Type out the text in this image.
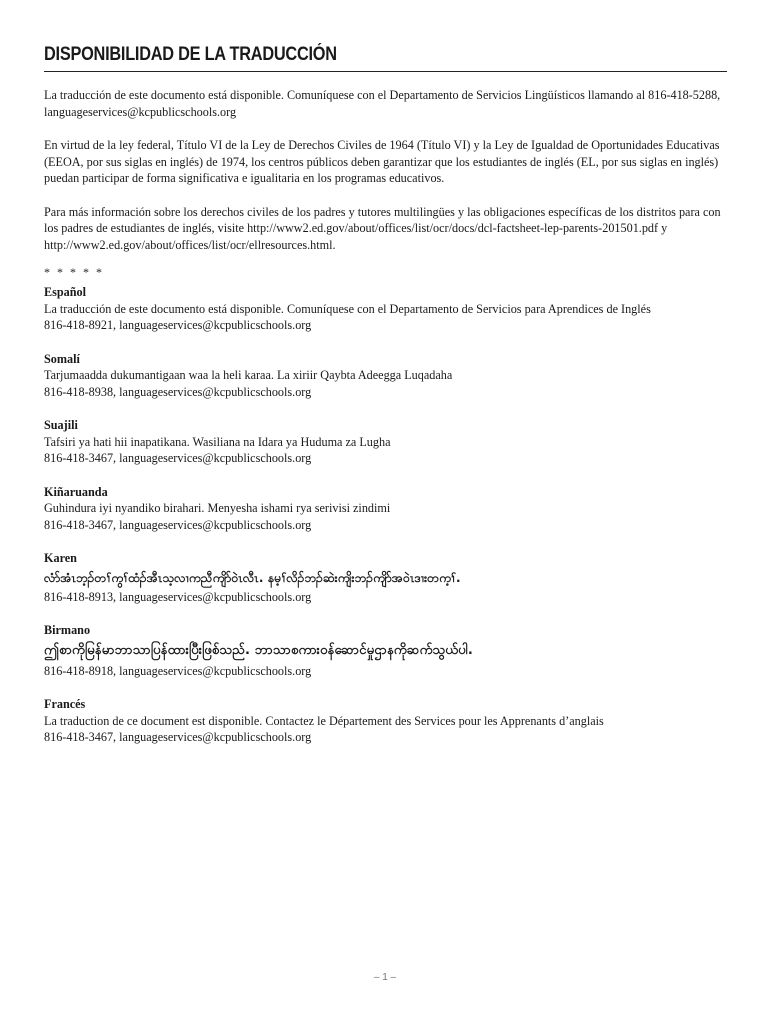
DISPONIBILIDAD DE LA TRADUCCIÓN

La traducción de este documento está disponible. Comuníquese con el Departamento de Servicios Lingüísticos llamando al 816-418-5288, languageservices@kcpublicschools.org

En virtud de la ley federal, Título VI de la Ley de Derechos Civiles de 1964 (Título VI) y la Ley de Igualdad de Oportunidades Educativas (EEOA, por sus siglas en inglés) de 1974, los centros públicos deben garantizar que los estudiantes de inglés (EL, por sus siglas en inglés) puedan participar de forma significativa e igualitaria en los programas educativos.

Para más información sobre los derechos civiles de los padres y tutores multilingües y las obligaciones específicas de los distritos para con los padres de estudiantes de inglés, visite http://www2.ed.gov/about/offices/list/ocr/docs/dcl-factsheet-lep-parents-201501.pdf y http://www2.ed.gov/about/offices/list/ocr/ellresources.html.

* * * * *
Español
La traducción de este documento está disponible. Comuníquese con el Departamento de Servicios para Aprendices de Inglés
816-418-8921, languageservices@kcpublicschools.org
Somalí
Tarjumaadda dukumantigaan waa la heli karaa. La xiriir Qaybta Adeegga Luqadaha
816-418-8938, languageservices@kcpublicschools.org
Suajili
Tafsiri ya hati hii inapatikana. Wasiliana na Idara ya Huduma za Lugha
816-418-3467, languageservices@kcpublicschools.org
Kiñaruanda
Guhindura iyi nyandiko birahari. Menyesha ishami rya serivisi zindimi
816-418-3467, languageservices@kcpublicschools.org
Karen
လံာ်အံၤဘ့ၣ်တၢ်ကွၢ်ထံၣ်အီၤသ့လၢကညီကျိာ်ဝဲၤလီၤ. နမ့ၢ်လိၣ်ဘၣ်ဆဲးကျိးဘၣ်ကျိာ်အဝဲၤဒၢးတက့ၢ်.
816-418-8913, languageservices@kcpublicschools.org
Birmano
ဤစာကိုမြန်မာဘာသာပြန်ထားပြီးဖြစ်သည်. ဘာသာစကားဝန်ဆောင်မှုဌာနကိုဆက်သွယ်ပါ.
816-418-8918, languageservices@kcpublicschools.org
Francés
La traduction de ce document est disponible. Contactez le Département des Services pour les Apprenants d’anglais
816-418-3467, languageservices@kcpublicschools.org
– 1 –
